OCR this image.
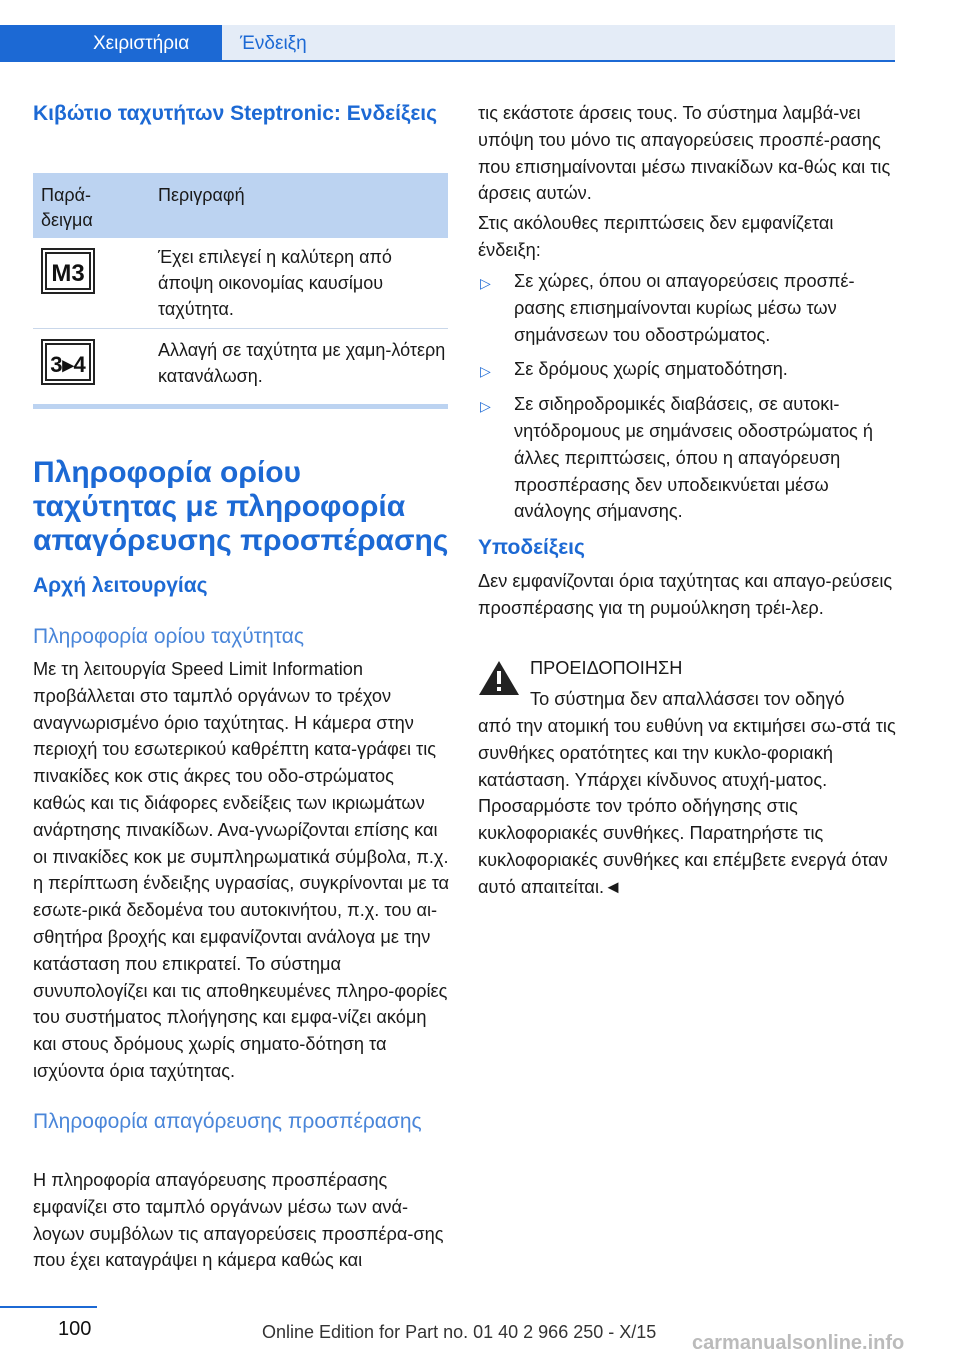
Χειριστήρια	Ένδειξη
Κιβώτιο ταχυτήτων Steptronic: Ενδείξεις
Παρά-
δειγμα
Περιγραφή
M3
Έχει επιλεγεί η καλύτερη από άποψη οικονομίας καυσίμου ταχύτητα.
3▸4
Αλλαγή σε ταχύτητα με χαμη-λότερη κατανάλωση.
Πληροφορία ορίου ταχύτητας με πληροφορία απαγόρευσης προσπέρασης
Αρχή λειτουργίας
Πληροφορία ορίου ταχύτητας

Με τη λειτουργία Speed Limit Information προβάλλεται στο ταμπλό οργάνων το τρέχον αναγνωρισμένο όριο ταχύτητας. Η κάμερα στην περιοχή του εσωτερικού καθρέπτη κατα-γράφει τις πινακίδες κοκ στις άκρες του οδο-στρώματος καθώς και τις διάφορες ενδείξεις των ικριωμάτων ανάρτησης πινακίδων. Ανα-γνωρίζονται επίσης και οι πινακίδες κοκ με συμπληρωματικά σύμβολα, π.χ. η περίπτωση ένδειξης υγρασίας, συγκρίνονται με τα εσωτε-ρικά δεδομένα του αυτοκινήτου, π.χ. του αι-σθητήρα βροχής και εμφανίζονται ανάλογα με την κατάσταση που επικρατεί. Το σύστημα συνυπολογίζει και τις αποθηκευμένες πληρο-φορίες του συστήματος πλοήγησης και εμφα-νίζει ακόμη και στους δρόμους χωρίς σηματο-δότηση τα ισχύοντα όρια ταχύτητας.

Πληροφορία απαγόρευσης προσπέρασης

Η πληροφορία απαγόρευσης προσπέρασης εμφανίζει στο ταμπλό οργάνων μέσω των ανά-λογων συμβόλων τις απαγορεύσεις προσπέρα-σης που έχει καταγράψει η κάμερα καθώς και

τις εκάστοτε άρσεις τους. Το σύστημα λαμβά-νει υπόψη του μόνο τις απαγορεύσεις προσπέ-ρασης που επισημαίνονται μέσω πινακίδων κα-θώς και τις άρσεις αυτών.

Στις ακόλουθες περιπτώσεις δεν εμφανίζεται ένδειξη:

▷ Σε χώρες, όπου οι απαγορεύσεις προσπέ-ρασης επισημαίνονται κυρίως μέσω των σημάνσεων του οδοστρώματος.
▷ Σε δρόμους χωρίς σηματοδότηση.
▷ Σε σιδηροδρομικές διαβάσεις, σε αυτοκι-νητόδρομους με σημάνσεις οδοστρώματος ή άλλες περιπτώσεις, όπου η απαγόρευση προσπέρασης δεν υποδεικνύεται μέσω ανάλογης σήμανσης.
Υποδείξεις

Δεν εμφανίζονται όρια ταχύτητας και απαγο-ρεύσεις προσπέρασης για τη ρυμούλκηση τρέι-λερ.

ΠΡΟΕΙΔΟΠΟΙΗΣΗ

Το σύστημα δεν απαλλάσσει τον οδηγό

από την ατομική του ευθύνη να εκτιμήσει σω-στά τις συνθήκες ορατότητες και την κυκλο-φοριακή κατάσταση. Υπάρχει κίνδυνος ατυχή-ματος. Προσαρμόστε τον τρόπο οδήγησης στις κυκλοφοριακές συνθήκες. Παρατηρήστε τις κυκλοφοριακές συνθήκες και επέμβετε ενεργά όταν αυτό απαιτείται.◄

100	Online Edition for Part no. 01 40 2 966 250 - X/15 carmanualsonline.info
